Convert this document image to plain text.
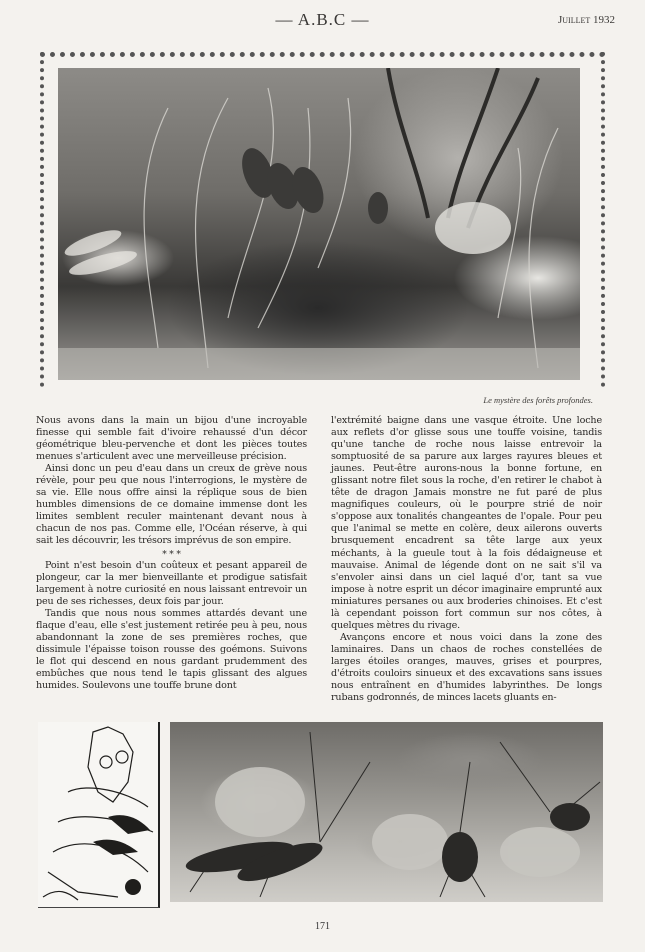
— A.B.C —	Juillet 1932
Le mystère des forêts profondes.

Nous avons dans la main un bijou d'une incroyable finesse qui semble fait d'ivoire rehaussé d'un décor géométrique bleu-pervenche et dont les pièces toutes menues s'articulent avec une merveilleuse précision.

Ainsi donc un peu d'eau dans un creux de grève nous révèle, pour peu que nous l'interrogions, le mystère de sa vie. Elle nous offre ainsi la réplique sous de bien humbles dimensions de ce domaine immense dont les limites semblent reculer maintenant devant nous à chacun de nos pas. Comme elle, l'Océan réserve, à qui sait les découvrir, les trésors imprévus de son empire.

* * *

Point n'est besoin d'un coûteux et pesant appareil de plongeur, car la mer bienveillante et prodigue satisfait largement à notre curiosité en nous laissant entrevoir un peu de ses richesses, deux fois par jour.

Tandis que nous nous sommes attardés devant une flaque d'eau, elle s'est justement retirée peu à peu, nous abandonnant la zone de ses premières roches, que dissimule l'épaisse toison rousse des goémons. Suivons le flot qui descend en nous gardant prudemment des embûches que nous tend le tapis glissant des algues humides. Soulevons une touffe brune dont

l'extrémité baigne dans une vasque étroite. Une loche aux reflets d'or glisse sous une touffe voisine, tandis qu'une tanche de roche nous laisse entrevoir la somptuosité de sa parure aux larges rayures bleues et jaunes. Peut-être aurons-nous la bonne fortune, en glissant notre filet sous la roche, d'en retirer le chabot à tête de dragon Jamais monstre ne fut paré de plus magnifiques couleurs, où le pourpre strié de noir s'oppose aux tonalités changeantes de l'opale. Pour peu que l'animal se mette en colère, deux ailerons ouverts brusquement encadrent sa tête large aux yeux méchants, à la gueule tout à la fois dédaigneuse et mauvaise. Animal de légende dont on ne sait s'il va s'envoler ainsi dans un ciel laqué d'or, tant sa vue impose à notre esprit un décor imaginaire emprunté aux miniatures persanes ou aux broderies chinoises. Et c'est là cependant poisson fort commun sur nos côtes, à quelques mètres du rivage.

Avançons encore et nous voici dans la zone des laminaires. Dans un chaos de roches constellées de larges étoiles oranges, mauves, grises et pourpres, d'étroits couloirs sinueux et des excavations sans issues nous entraînent en d'humides labyrinthes. De longs rubans godronnés, de minces lacets gluants en-

171
